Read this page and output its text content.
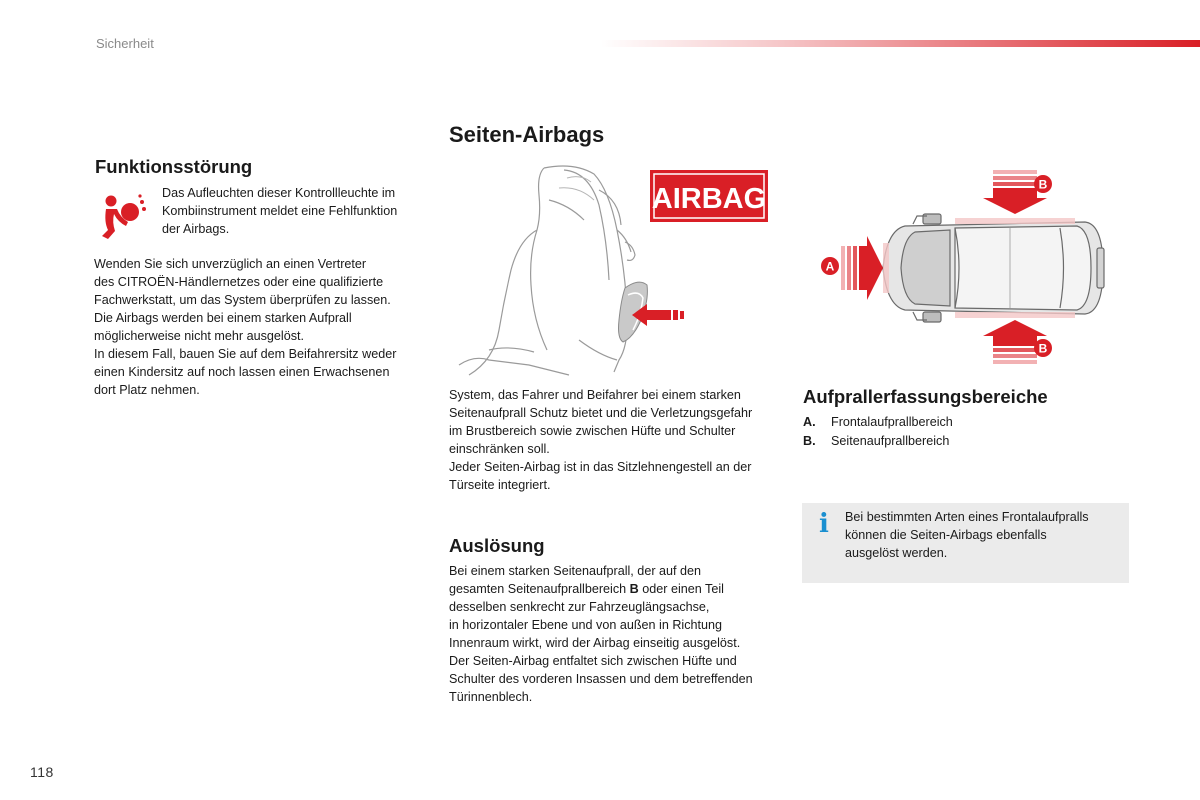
Sicherheit
Funktionsstörung

Das Aufleuchten dieser Kontrollleuchte im

Kombiinstrument meldet eine Fehlfunktion

der Airbags.

Wenden Sie sich unverzüglich an einen Vertreter

des CITROËN-Händlernetzes oder eine qualifizierte

Fachwerkstatt, um das System überprüfen zu lassen.

Die Airbags werden bei einem starken Aufprall

möglicherweise nicht mehr ausgelöst.

In diesem Fall, bauen Sie auf dem Beifahrersitz weder

einen Kindersitz auf noch lassen einen Erwachsenen

dort Platz nehmen.

Seiten-Airbags
AIRBAG

System, das Fahrer und Beifahrer bei einem starken

Seitenaufprall Schutz bietet und die Verletzungsgefahr

im Brustbereich sowie zwischen Hüfte und Schulter

einschränken soll.

Jeder Seiten-Airbag ist in das Sitzlehnengestell an der

Türseite integriert.

Auslösung

Bei einem starken Seitenaufprall, der auf den

gesamten Seitenaufprallbereich B oder einen Teil

desselben senkrecht zur Fahrzeuglängsachse,

in horizontaler Ebene und von außen in Richtung

Innenraum wirkt, wird der Airbag einseitig ausgelöst.

Der Seiten-Airbag entfaltet sich zwischen Hüfte und

Schulter des vorderen Insassen und dem betreffenden

Türinnenblech.

A
B
B
Aufprallerfassungsbereiche
A.	Frontalaufprallbereich
B.	Seitenaufprallbereich
i Bei bestimmten Arten eines Frontalaufpralls

können die Seiten-Airbags ebenfalls

ausgelöst werden.

118
